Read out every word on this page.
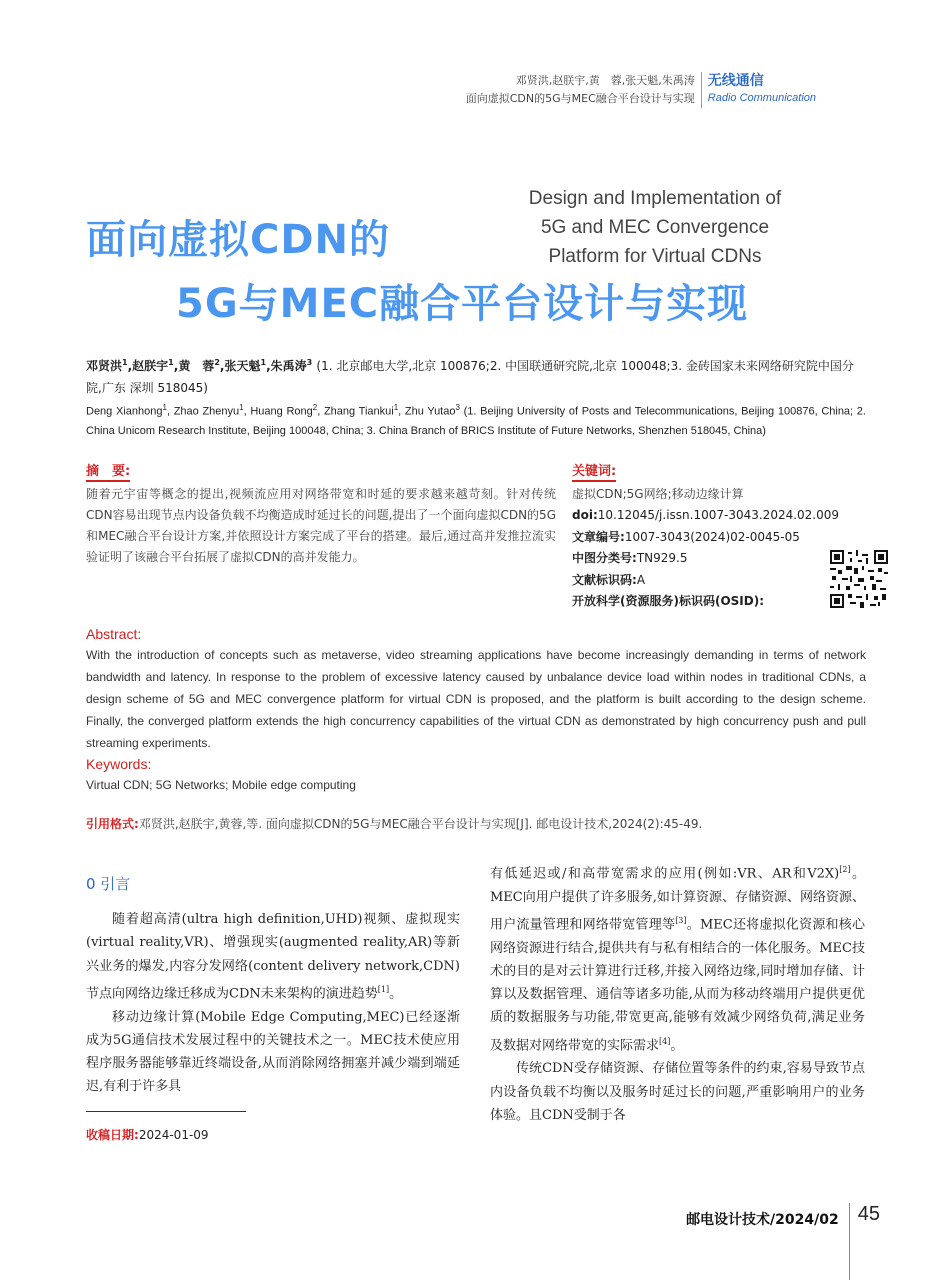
邓贤洪,赵朕宇,黄　蓉,张天魁,朱禹涛
面向虚拟CDN的5G与MEC融合平台设计与实现
无线通信
Radio Communication
Design and Implementation of
5G and MEC Convergence
Platform for Virtual CDNs
面向虚拟CDN的
5G与MEC融合平台设计与实现
邓贤洪$^1$,赵朕宇$^1$,黄　蓉$^2$,张天魁$^1$,朱禹涛$^3$ (1. 北京邮电大学,北京 100876;2. 中国联通研究院,北京 100048;3. 金砖国家未来网络研究院中国分院,广东 深圳 518045)
Deng Xianhong$^1$, Zhao Zhenyu$^1$, Huang Rong$^2$, Zhang Tiankui$^1$, Zhu Yutao$^3$ (1. Beijing University of Posts and Telecommunications, Beijing 100876, China; 2. China Unicom Research Institute, Beijing 100048, China; 3. China Branch of BRICS Institute of Future Networks, Shenzhen 518045, China)
摘　要:
随着元宇宙等概念的提出,视频流应用对网络带宽和时延的要求越来越苛刻。针对传统CDN容易出现节点内设备负载不均衡造成时延过长的问题,提出了一个面向虚拟CDN的5G和MEC融合平台设计方案,并依照设计方案完成了平台的搭建。最后,通过高并发推拉流实验证明了该融合平台拓展了虚拟CDN的高并发能力。
关键词:
虚拟CDN;5G网络;移动边缘计算
doi:10.12045/j.issn.1007-3043.2024.02.009
文章编号:1007-3043(2024)02-0045-05
中图分类号:TN929.5
文献标识码:A
开放科学(资源服务)标识码(OSID):
Abstract:
With the introduction of concepts such as metaverse, video streaming applications have become increasingly demanding in terms of network bandwidth and latency. In response to the problem of excessive latency caused by unbalance device load within nodes in traditional CDNs, a design scheme of 5G and MEC convergence platform for virtual CDN is proposed, and the platform is built according to the design scheme. Finally, the converged platform extends the high concurrency capabilities of the virtual CDN as demonstrated by high concurrency push and pull streaming experiments.
Keywords:
Virtual CDN; 5G Networks; Mobile edge computing
引用格式:邓贤洪,赵朕宇,黄蓉,等. 面向虚拟CDN的5G与MEC融合平台设计与实现[J]. 邮电设计技术,2024(2):45-49.
0 引言

随着超高清(ultra high definition,UHD)视频、虚拟现实(virtual reality,VR)、增强现实(augmented reality,AR)等新兴业务的爆发,内容分发网络(content delivery network,CDN)节点向网络边缘迁移成为CDN未来架构的演进趋势[1]。

移动边缘计算(Mobile Edge Computing,MEC)已经逐渐成为5G通信技术发展过程中的关键技术之一。MEC技术使应用程序服务器能够靠近终端设备,从而消除网络拥塞并减少端到端延迟,有利于许多具

收稿日期:2024-01-09

有低延迟或/和高带宽需求的应用(例如:VR、AR和V2X)[2]。MEC向用户提供了许多服务,如计算资源、存储资源、网络资源、用户流量管理和网络带宽管理等[3]。MEC还将虚拟化资源和核心网络资源进行结合,提供共有与私有相结合的一体化服务。MEC技术的目的是对云计算进行迁移,并接入网络边缘,同时增加存储、计算以及数据管理、通信等诸多功能,从而为移动终端用户提供更优质的数据服务与功能,带宽更高,能够有效减少网络负荷,满足业务及数据对网络带宽的实际需求[4]。

传统CDN受存储资源、存储位置等条件的约束,容易导致节点内设备负载不均衡以及服务时延过长的问题,严重影响用户的业务体验。且CDN受制于各

邮电设计技术/2024/02 45
